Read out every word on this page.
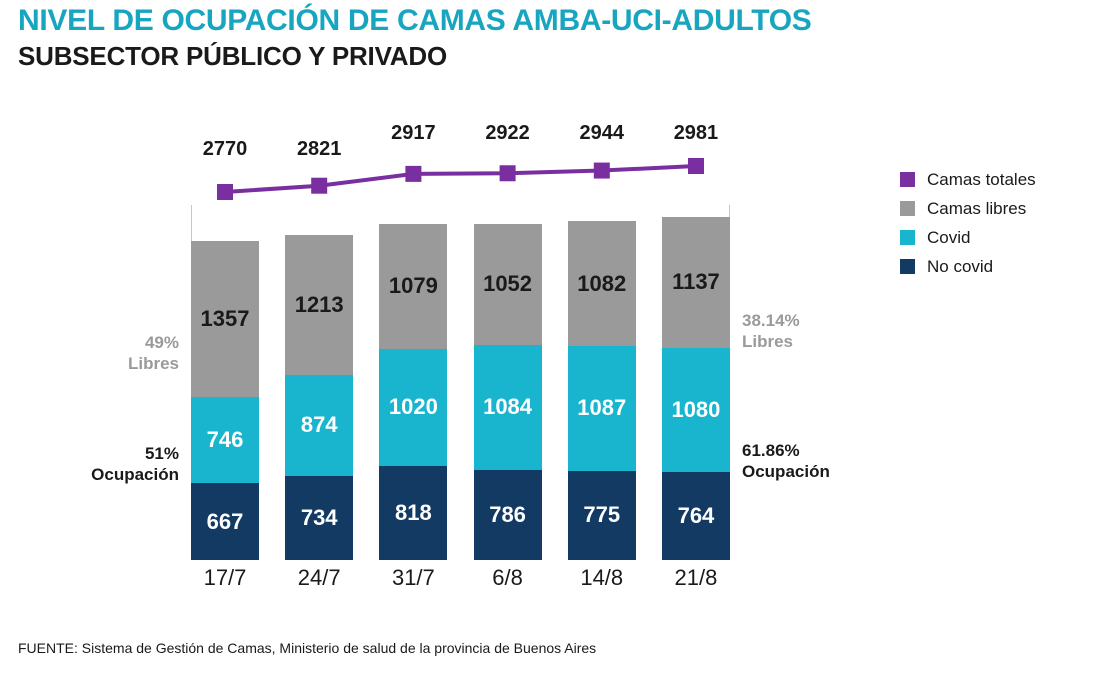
NIVEL DE OCUPACIÓN DE CAMAS AMBA-UCI-ADULTOS
SUBSECTOR PÚBLICO Y PRIVADO
2770	2821
2917	2922	2944	2981
1357
746
667
1213
874
734
1079
1020
818
1052
1084
786
1082
1087
775
1137
1080
764
17/7	24/7	31/7	6/8	14/8	21/8
49%
Libres
51%
Ocupación
38.14%
Libres
61.86%
Ocupación
Camas totales
Camas libres
Covid
No covid
FUENTE: Sistema de Gestión de Camas, Ministerio de salud de la provincia de Buenos Aires
